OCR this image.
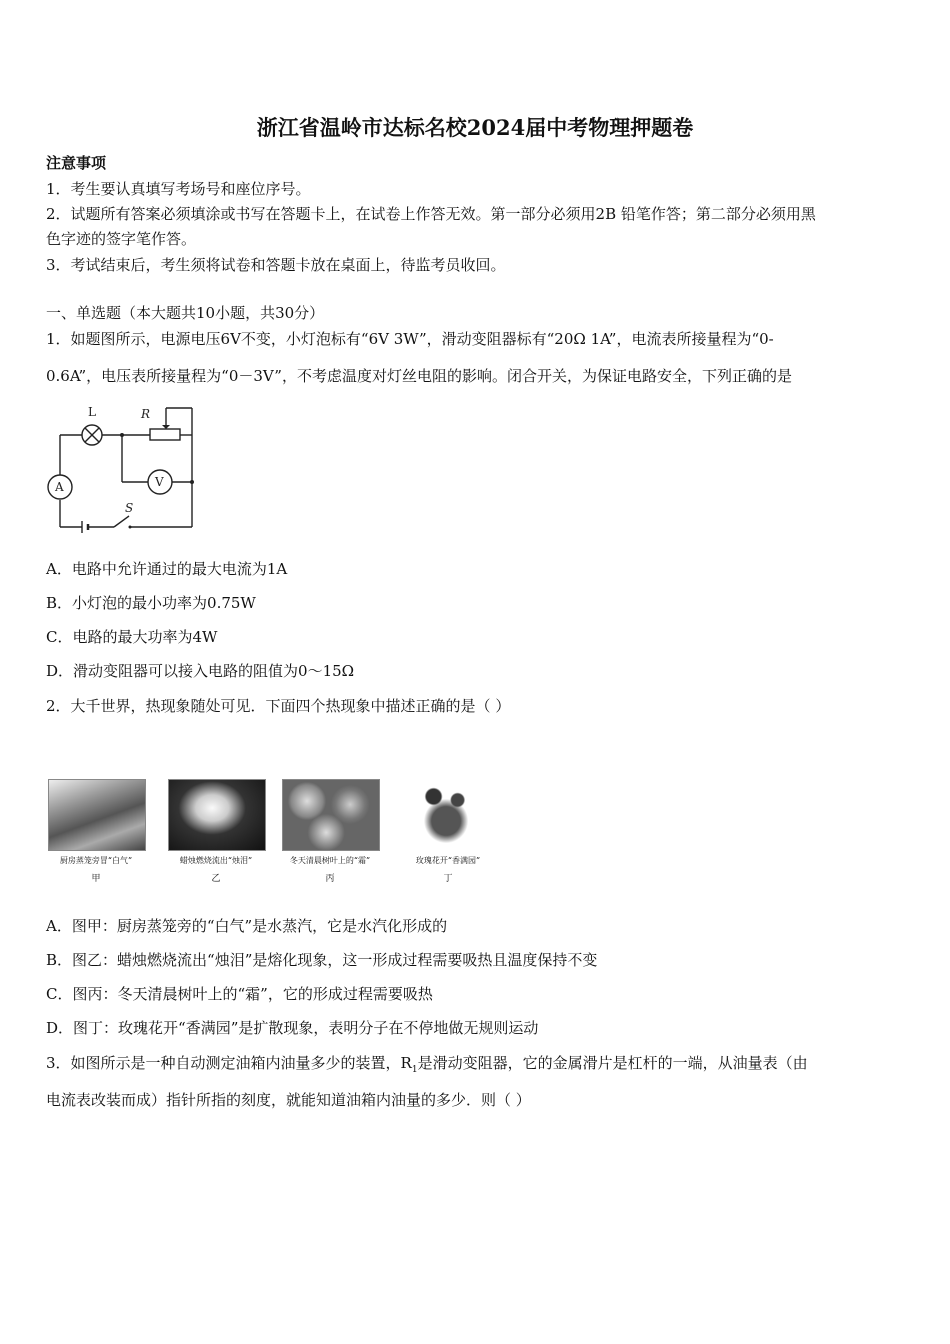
浙江省温岭市达标名校2024届中考物理押题卷
注意事项
1．考生要认真填写考场号和座位序号。
2．试题所有答案必须填涂或书写在答题卡上，在试卷上作答无效。第一部分必须用2B 铅笔作答；第二部分必须用黑
色字迹的签字笔作答。
3．考试结束后，考生须将试卷和答题卡放在桌面上，待监考员收回。
一、单选题（本大题共10小题，共30分）
1．如题图所示，电源电压6V不变，小灯泡标有“6V 3W”，滑动变阻器标有“20Ω 1A”，电流表所接量程为“0-
0.6A”，电压表所接量程为“0－3V”，不考虑温度对灯丝电阻的影响。闭合开关，为保证电路安全，下列正确的是
L	R
A	V
S
A．电路中允许通过的最大电流为1A
B．小灯泡的最小功率为0.75W
C．电路的最大功率为4W
D．滑动变阻器可以接入电路的阻值为0～15Ω
2．大千世界，热现象随处可见．下面四个热现象中描述正确的是（ ）
厨房蒸笼旁冒“白气”	蜡烛燃烧流出“烛泪”	冬天清晨树叶上的“霜”	玫瑰花开“香满园”
甲	乙	丙	丁
A．图甲：厨房蒸笼旁的“白气”是水蒸汽，它是水汽化形成的
B．图乙：蜡烛燃烧流出“烛泪”是熔化现象，这一形成过程需要吸热且温度保持不变
C．图丙：冬天清晨树叶上的“霜”，它的形成过程需要吸热
D．图丁：玫瑰花开“香满园”是扩散现象，表明分子在不停地做无规则运动
3．如图所示是一种自动测定油箱内油量多少的装置，$R_1$是滑动变阻器，它的金属滑片是杠杆的一端，从油量表（由
电流表改装而成）指针所指的刻度，就能知道油箱内油量的多少．则（ ）
